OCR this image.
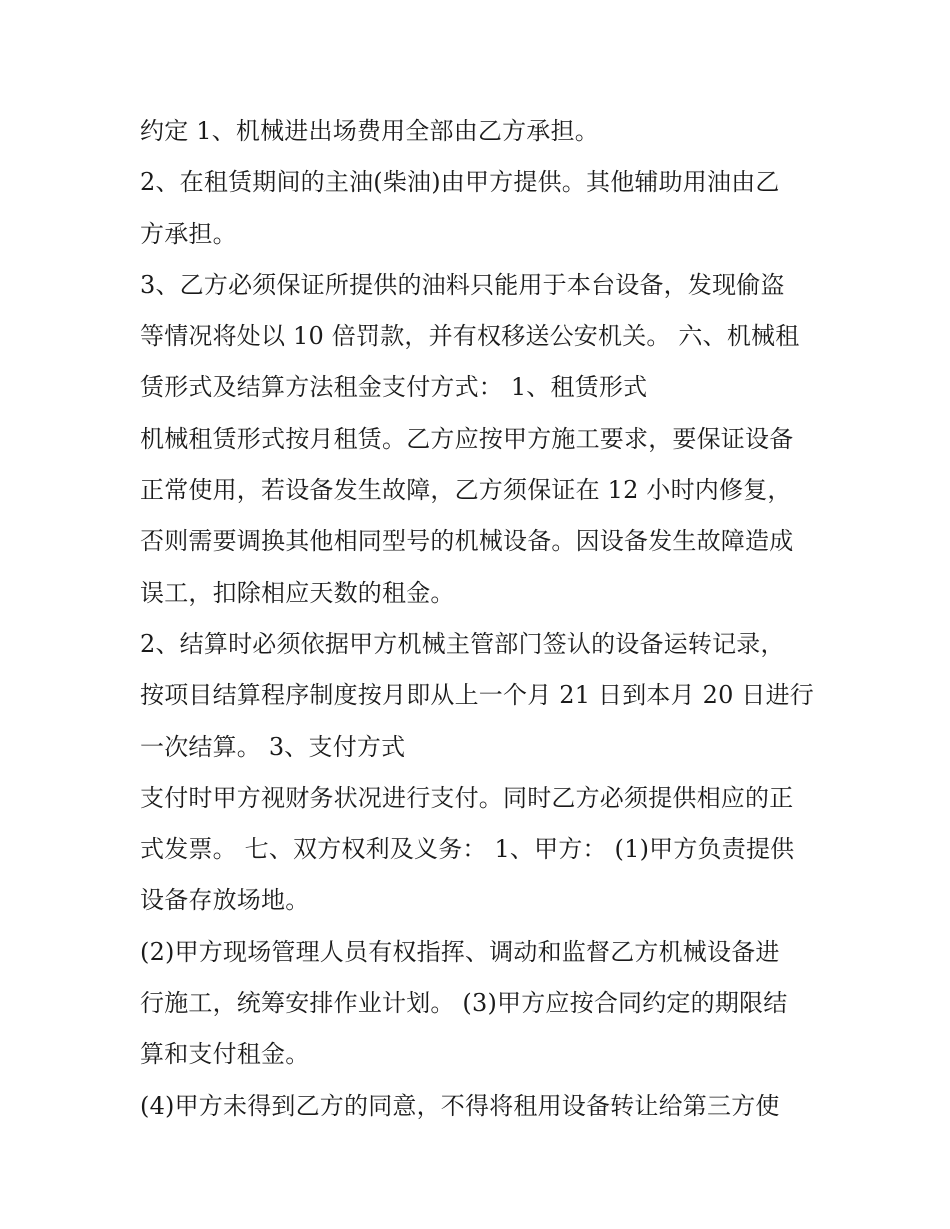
约定 1、机械进出场费用全部由乙方承担。
2、在租赁期间的主油(柴油)由甲方提供。其他辅助用油由乙
方承担。
3、乙方必须保证所提供的油料只能用于本台设备，发现偷盗
等情况将处以 10 倍罚款，并有权移送公安机关。 六、机械租
赁形式及结算方法租金支付方式： 1、租赁形式
机械租赁形式按月租赁。乙方应按甲方施工要求，要保证设备
正常使用，若设备发生故障，乙方须保证在 12 小时内修复，
否则需要调换其他相同型号的机械设备。因设备发生故障造成
误工，扣除相应天数的租金。
2、结算时必须依据甲方机械主管部门签认的设备运转记录，
按项目结算程序制度按月即从上一个月 21 日到本月 20 日进行
一次结算。 3、支付方式
支付时甲方视财务状况进行支付。同时乙方必须提供相应的正
式发票。 七、双方权利及义务： 1、甲方： (1)甲方负责提供
设备存放场地。
(2)甲方现场管理人员有权指挥、调动和监督乙方机械设备进
行施工，统筹安排作业计划。 (3)甲方应按合同约定的期限结
算和支付租金。
(4)甲方未得到乙方的同意，不得将租用设备转让给第三方使
